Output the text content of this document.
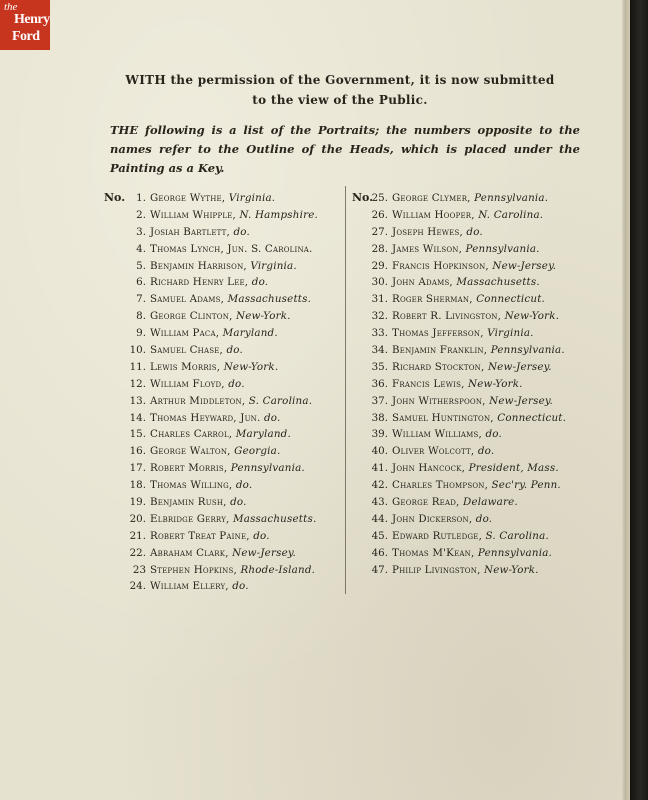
the
Henry
Ford
WITH the permission of the Government, it is now submitted
to the view of the Public.
THE following is a list of the Portraits; the numbers opposite to the names refer to the Outline of the Heads, which is placed under the Painting as a Key.
No.	1. George Wythe, Virginia.
2. William Whipple, N. Hampshire.
3. Josiah Bartlett, do.
4. Thomas Lynch, Jun. S. Carolina.
5. Benjamin Harrison, Virginia.
6. Richard Henry Lee, do.
7. Samuel Adams, Massachusetts.
8. George Clinton, New-York.
9. William Paca, Maryland.
10. Samuel Chase, do.
11. Lewis Morris, New-York.
12. William Floyd, do.
13. Arthur Middleton, S. Carolina.
14. Thomas Heyward, Jun. do.
15. Charles Carrol, Maryland.
16. George Walton, Georgia.
17. Robert Morris, Pennsylvania.
18. Thomas Willing, do.
19. Benjamin Rush, do.
20. Elbridge Gerry, Massachusetts.
21. Robert Treat Paine, do.
22. Abraham Clark, New-Jersey.
23 Stephen Hopkins, Rhode-Island.
24. William Ellery, do.
No.
25. George Clymer, Pennsylvania.
26. William Hooper, N. Carolina.
27. Joseph Hewes, do.
28. James Wilson, Pennsylvania.
29. Francis Hopkinson, New-Jersey.
30. John Adams, Massachusetts.
31. Roger Sherman, Connecticut.
32. Robert R. Livingston, New-York.
33. Thomas Jefferson, Virginia.
34. Benjamin Franklin, Pennsylvania.
35. Richard Stockton, New-Jersey.
36. Francis Lewis, New-York.
37. John Witherspoon, New-Jersey.
38. Samuel Huntington, Connecticut.
39. William Williams, do.
40. Oliver Wolcott, do.
41. John Hancock, President, Mass.
42. Charles Thompson, Sec'ry. Penn.
43. George Read, Delaware.
44. John Dickerson, do.
45. Edward Rutledge, S. Carolina.
46. Thomas M'Kean, Pennsylvania.
47. Philip Livingston, New-York.
